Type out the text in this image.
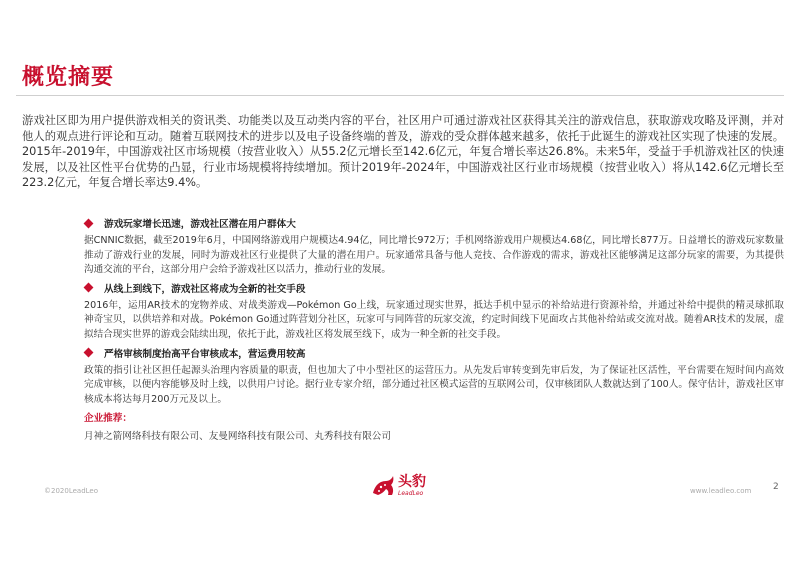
概览摘要
游戏社区即为用户提供游戏相关的资讯类、功能类以及互动类内容的平台，社区用户可通过游戏社区获得其关注的游戏信息，获取游戏攻略及评测，并对他人的观点进行评论和互动。随着互联网技术的进步以及电子设备终端的普及，游戏的受众群体越来越多，依托于此诞生的游戏社区实现了快速的发展。2015年-2019年，中国游戏社区市场规模（按营业收入）从55.2亿元增长至142.6亿元，年复合增长率达26.8%。未来5年，受益于手机游戏社区的快速发展，以及社区性平台优势的凸显，行业市场规模将持续增加。预计2019年-2024年，中国游戏社区行业市场规模（按营业收入）将从142.6亿元增长至223.2亿元，年复合增长率达9.4%。
游戏玩家增长迅速，游戏社区潜在用户群体大
据CNNIC数据，截至2019年6月，中国网络游戏用户规模达4.94亿，同比增长972万；手机网络游戏用户规模达4.68亿，同比增长877万。日益增长的游戏玩家数量推动了游戏行业的发展，同时为游戏社区行业提供了大量的潜在用户。玩家通常具备与他人竞技、合作游戏的需求，游戏社区能够满足这部分玩家的需要，为其提供沟通交流的平台，这部分用户会给予游戏社区以活力，推动行业的发展。
从线上到线下，游戏社区将成为全新的社交手段
2016年，运用AR技术的宠物养成、对战类游戏—Pokémon Go上线，玩家通过现实世界，抵达手机中显示的补给站进行资源补给，并通过补给中提供的精灵球抓取神奇宝贝，以供培养和对战。Pokémon Go通过阵营划分社区，玩家可与同阵营的玩家交流，约定时间线下见面攻占其他补给站或交流对战。随着AR技术的发展，虚拟结合现实世界的游戏会陆续出现，依托于此，游戏社区将发展至线下，成为一种全新的社交手段。
严格审核制度抬高平台审核成本，营运费用较高
政策的指引让社区担任起源头治理内容质量的职责，但也加大了中小型社区的运营压力。从先发后审转变到先审后发，为了保证社区活性，平台需要在短时间内高效完成审核，以便内容能够及时上线，以供用户讨论。据行业专家介绍，部分通过社区模式运营的互联网公司，仅审核团队人数就达到了100人。保守估计，游戏社区审核成本将达每月200万元及以上。
企业推荐：
月神之箭网络科技有限公司、友曼网络科技有限公司、丸秀科技有限公司
©2020LeadLeo
头豹
LeadLeo	www.leadleo.com 2
